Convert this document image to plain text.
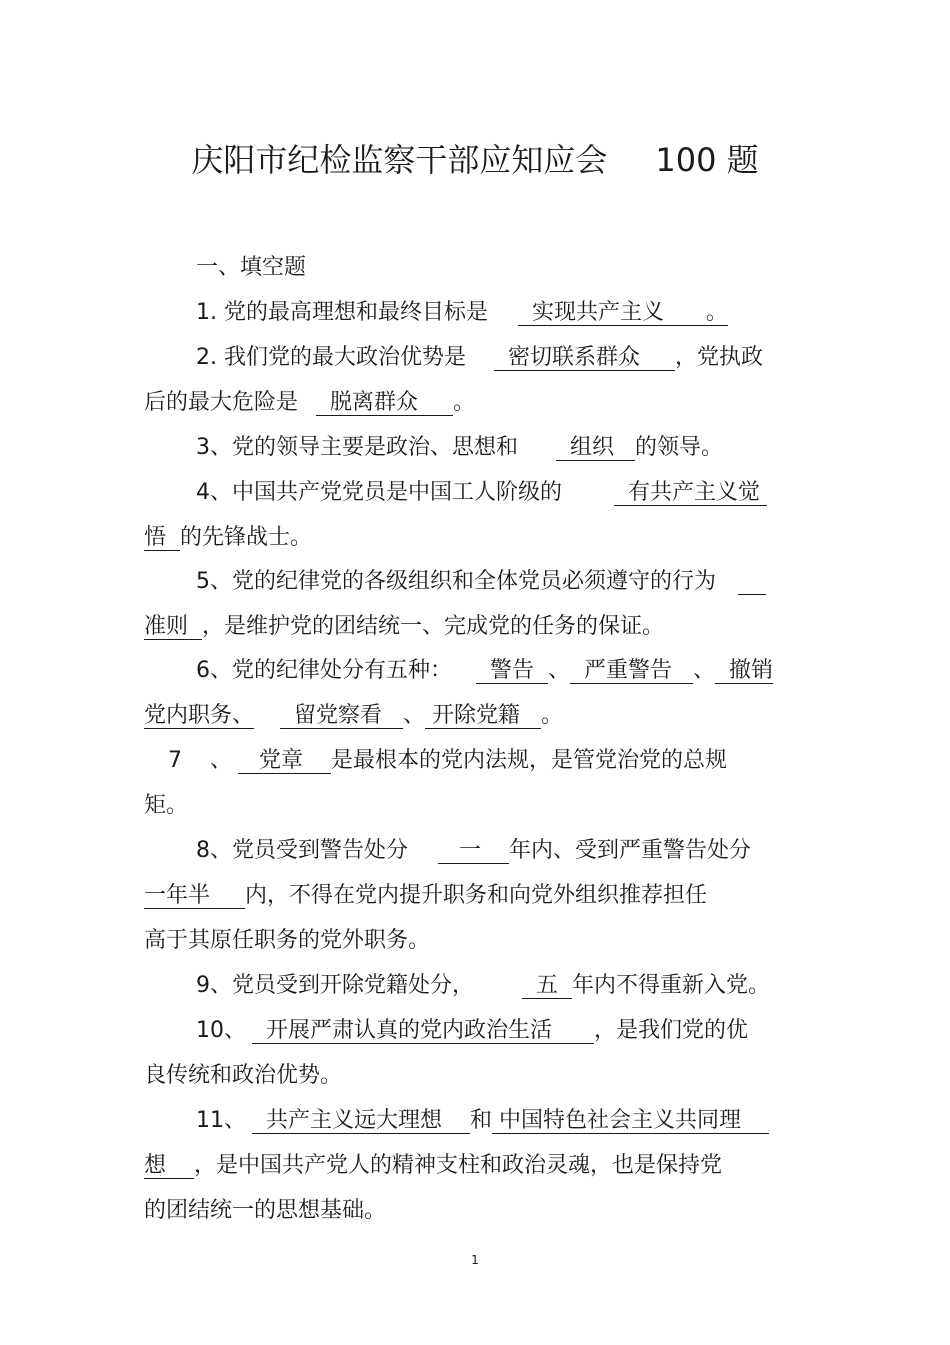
庆阳市纪检监察干部应知应会 100 题
一、填空题
1. 党的最高理想和最终目标是  实现共产主义      。
2. 我们党的最大政治优势是  密切联系群众     ，党执政
后的最大危险是  脱离群众     。
3、党的领导主要是政治、思想和  组织   的领导。
4、中国共产党党员是中国工人阶级的  有共产主义觉
悟  的先锋战士。
5、党的纪律党的各级组织和全体党员必须遵守的行为
准则  ，是维护党的团结统一、完成党的任务的保证。
6、党的纪律处分有五种：  警告  、  严重警告   、  撤销
党内职务、  留党察看   、 开除党籍   。
7 、   党章    是最根本的党内法规，是管党治党的总规
矩。
8、党员受到警告处分   一    年内、受到严重警告处分
一年半     内，不得在党内提升职务和向党外组织推荐担任
高于其原任职务的党外职务。
9、党员受到开除党籍处分，  五  年内不得重新入党。
10、  开展严肃认真的党内政治生活      ，是我们党的优
良传统和政治优势。
11、  共产主义远大理想    和 中国特色社会主义共同理
想    ，是中国共产党人的精神支柱和政治灵魂，也是保持党
的团结统一的思想基础。
1
